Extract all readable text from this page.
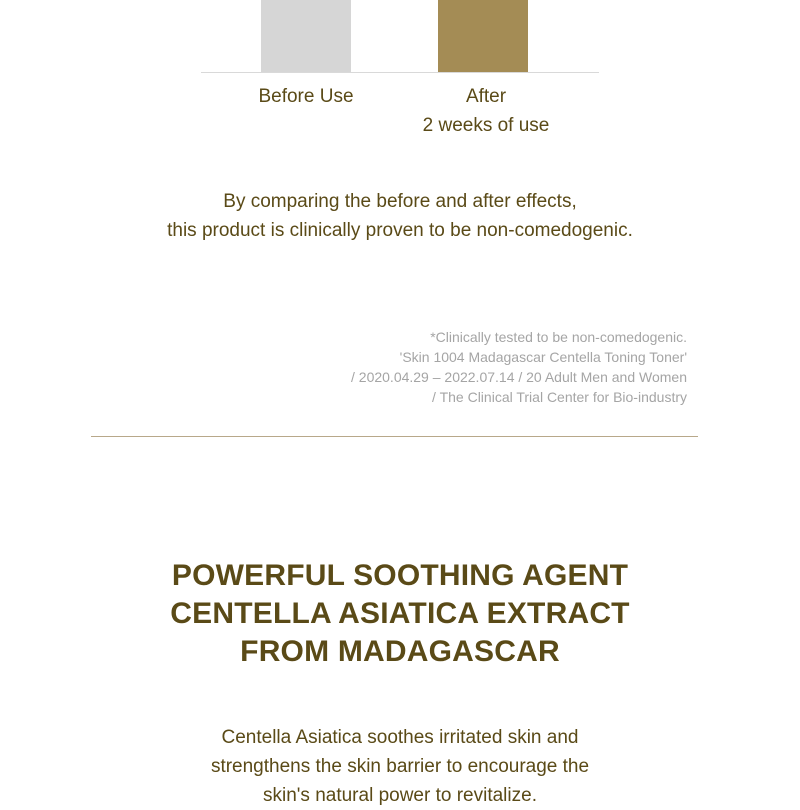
Before Use	After
2 weeks of use
By comparing the before and after effects,
this product is clinically proven to be non-comedogenic.
*Clinically tested to be non-comedogenic.
'Skin 1004 Madagascar Centella Toning Toner'
/ 2020.04.29 – 2022.07.14 / 20 Adult Men and Women
/ The Clinical Trial Center for Bio-industry
POWERFUL SOOTHING AGENT
CENTELLA ASIATICA EXTRACT
FROM MADAGASCAR
Centella Asiatica soothes irritated skin and
strengthens the skin barrier to encourage the
skin's natural power to revitalize.
